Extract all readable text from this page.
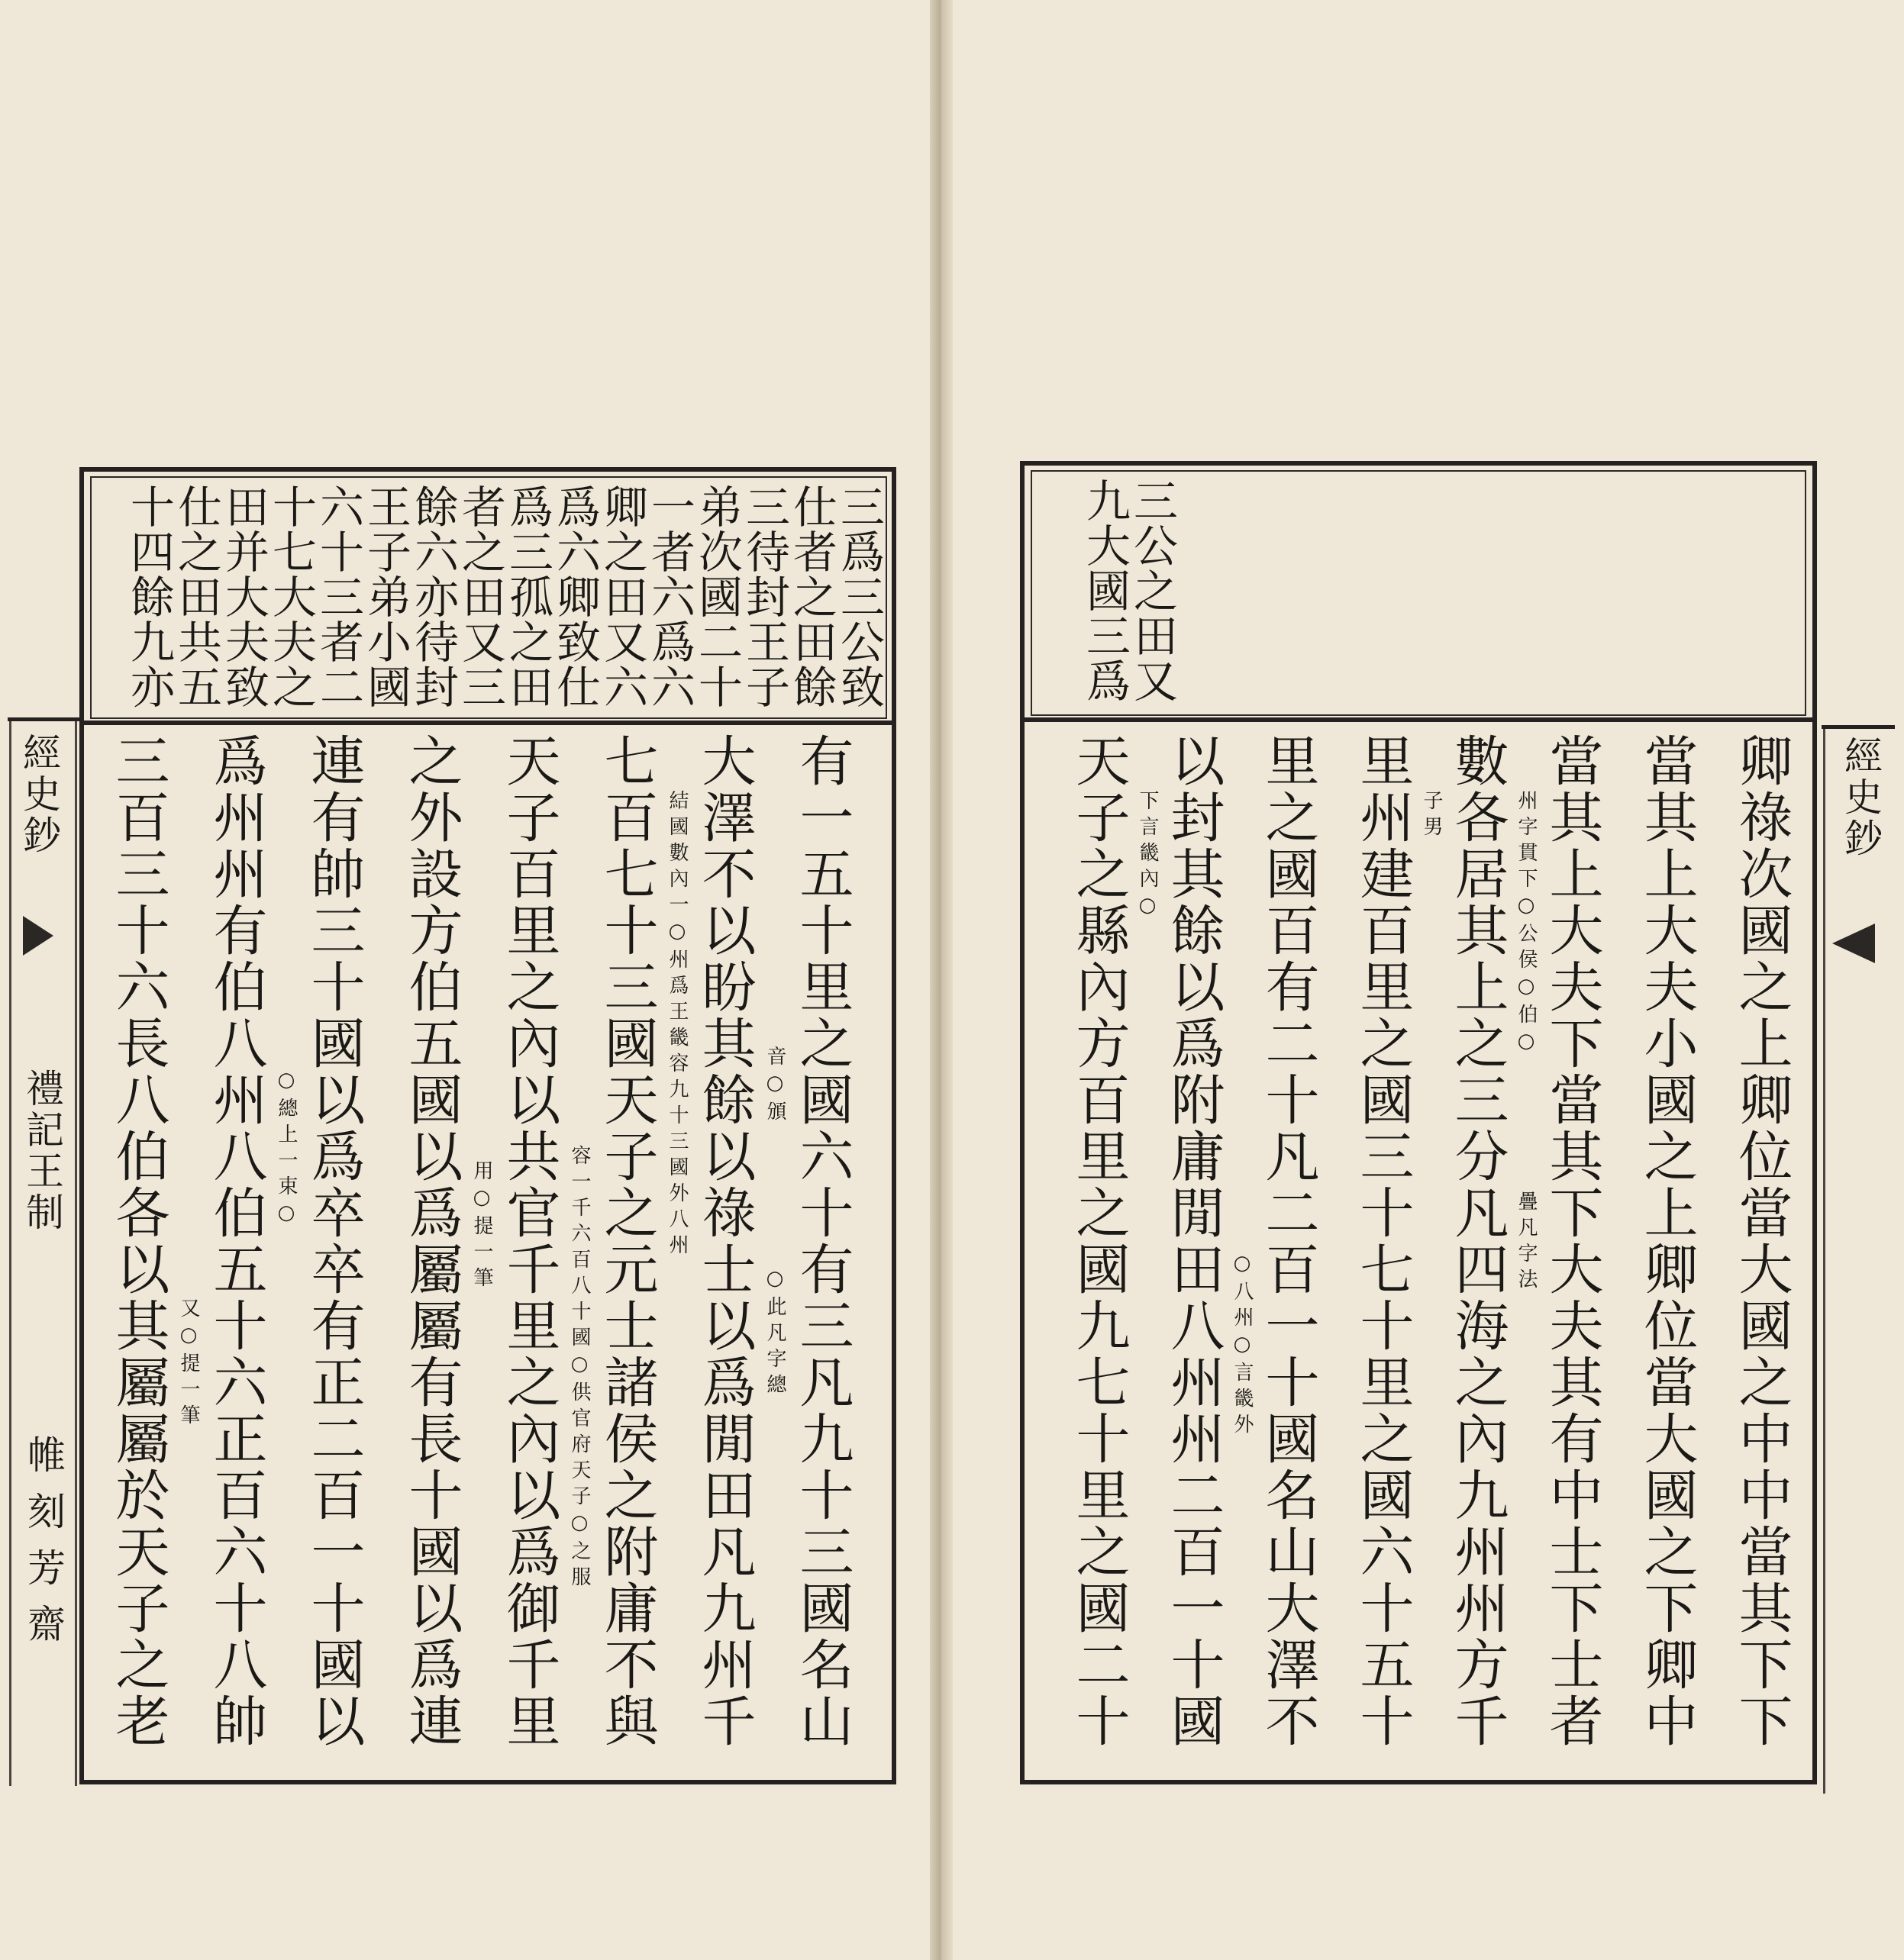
三爲三公致
仕者之田餘
三待封王子
弟次國二十
一者六爲六
卿之田又六
爲六卿致仕
爲三孤之田
者之田又三
餘六亦待封
王子弟小國
六十三者二
十七大夫之
田并大夫致
仕之田共五
十四餘九亦
有一五十里之國六十有三凡九十三國名山
大澤不以盼其餘以祿士以爲閒田凡九州千
七百七十三國天子之元士諸侯之附庸不與
天子百里之內以共官千里之內以爲御千里
之外設方伯五國以爲屬屬有長十國以爲連
連有帥三十國以爲卒卒有正二百一十國以
爲州州有伯八州八伯五十六正百六十八帥
三百三十六長八伯各以其屬屬於天子之老	音○頒
○此凡字總
結國數內一○州爲王畿容九十三國外八州
容一千六百八十國○供官府天子○之服
用○提一筆
○總上一束○
又○提一筆
經史鈔
禮記王制
帷 刻 芳 齋
九大國三爲
三公之田又
卿祿次國之上卿位當大國之中中當其下下
當其上大夫小國之上卿位當大國之下卿中
當其上大夫下當其下大夫其有中士下士者
數各居其上之三分凡四海之內九州州方千
里州建百里之國三十七十里之國六十五十
里之國百有二十凡二百一十國名山大澤不
以封其餘以爲附庸閒田八州州二百一十國
天子之縣內方百里之國九七十里之國二十	疊凡字法
州字貫下○公侯○伯○
子男
○八州○言畿外
下言畿內○	經史鈔
